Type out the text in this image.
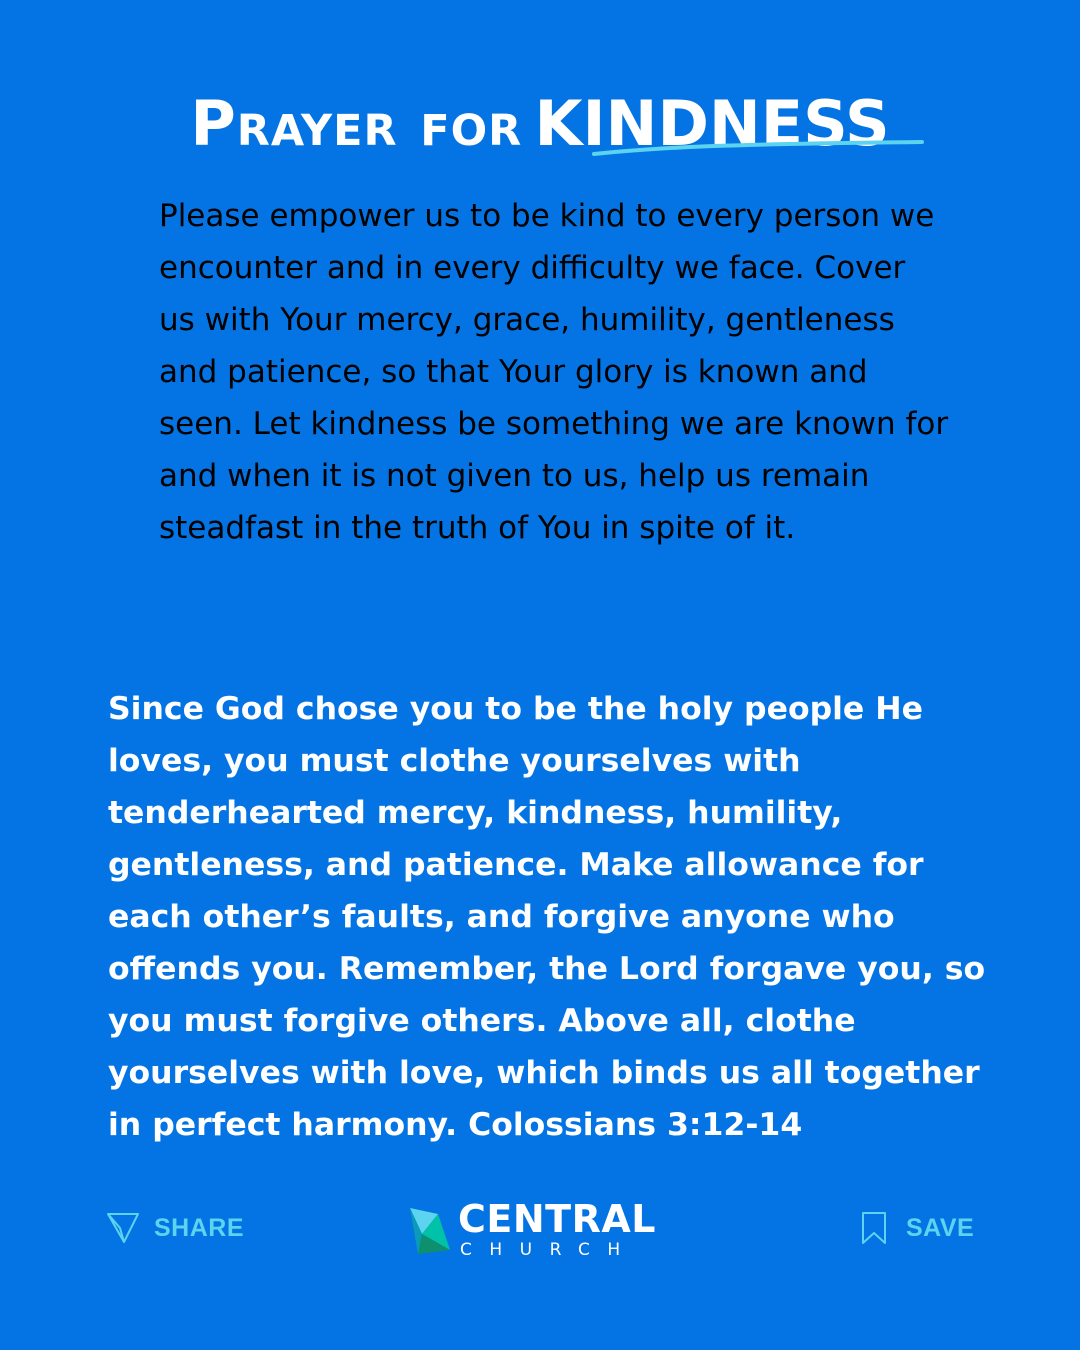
Prayer for KINDNESS

Please empower us to be kind to every person we encounter and in every difficulty we face. Cover us with Your mercy, grace, humility, gentleness and patience, so that Your glory is known and seen. Let kindness be something we are known for and when it is not given to us, help us remain steadfast in the truth of You in spite of it.

Since God chose you to be the holy people He loves, you must clothe yourselves with tenderhearted mercy, kindness, humility, gentleness, and patience. Make allowance for each other’s faults, and forgive anyone who offends you. Remember, the Lord forgave you, so you must forgive others. Above all, clothe yourselves with love, which binds us all together in perfect harmony. Colossians 3:12-14

SHARE	CENTRAL
CHURCH
SAVE
